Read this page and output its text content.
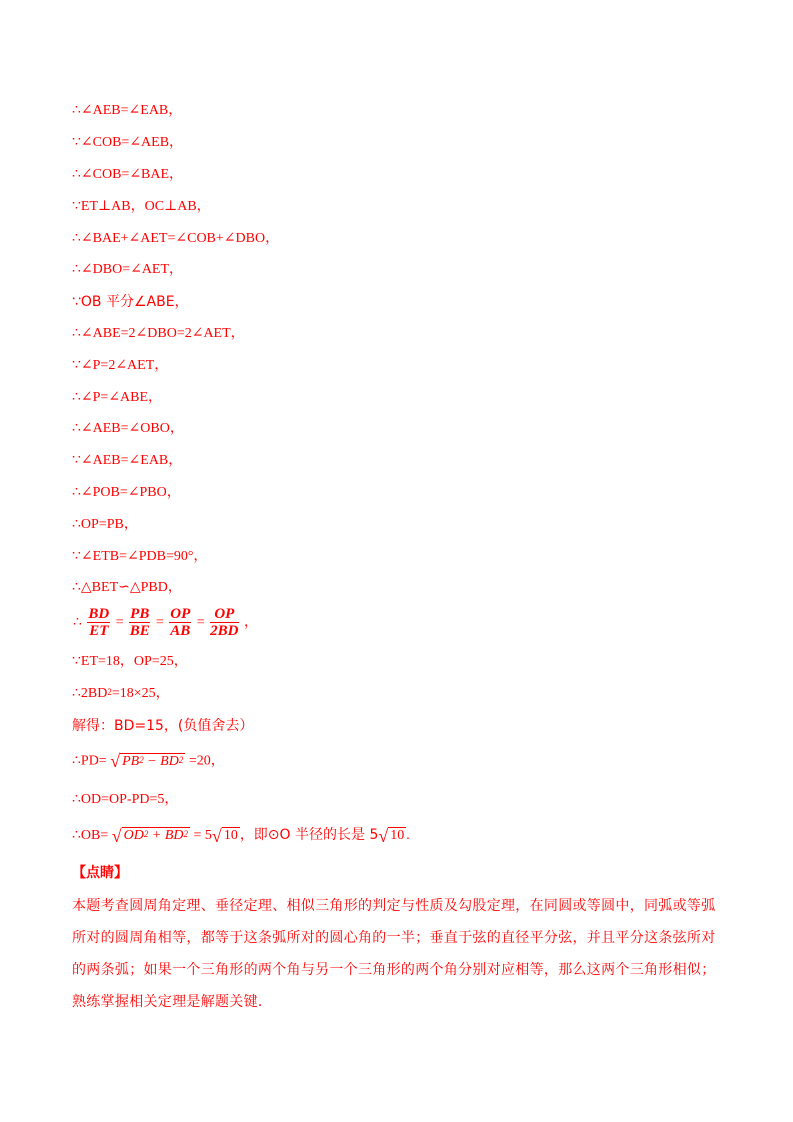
∴∠AEB=∠EAB，
∵∠COB=∠AEB，
∴∠COB=∠BAE，
∵ET⊥AB，OC⊥AB，
∴∠BAE+∠AET=∠COB+∠DBO，
∴∠DBO=∠AET，
∵OB 平分∠ABE，
∴∠ABE=2∠DBO=2∠AET，
∵∠P=2∠AET，
∴∠P=∠ABE，
∴∠AEB=∠OBO，
∵∠AEB=∠EAB，
∴∠POB=∠PBO，
∴OP=PB，
∵∠ETB=∠PDB=90°，
∴△BET∽△PBD，
∴ $\frac{BD}{ET} = \frac{PB}{BE} = \frac{OP}{AB} = \frac{OP}{2BD}$ ，
∵ET=18，OP=25，
$\therefore 2BD^2=18\times 25$，
解得：BD=15，(负值舍去）
∴PD= √ $PB^2 - BD^2 =20$，
∴OD=OP-PD=5，
∴OB= √ $OD^2 + BD^2 = 5√$ 10 ，即⊙O 半径的长是 5√ 10 .
【点睛】
本题考查圆周角定理、垂径定理、相似三角形的判定与性质及勾股定理，在同圆或等圆中，同弧或等弧所对的圆周角相等，都等于这条弧所对的圆心角的一半；垂直于弦的直径平分弦，并且平分这条弦所对的两条弧；如果一个三角形的两个角与另一个三角形的两个角分别对应相等，那么这两个三角形相似；熟练掌握相关定理是解题关键．
